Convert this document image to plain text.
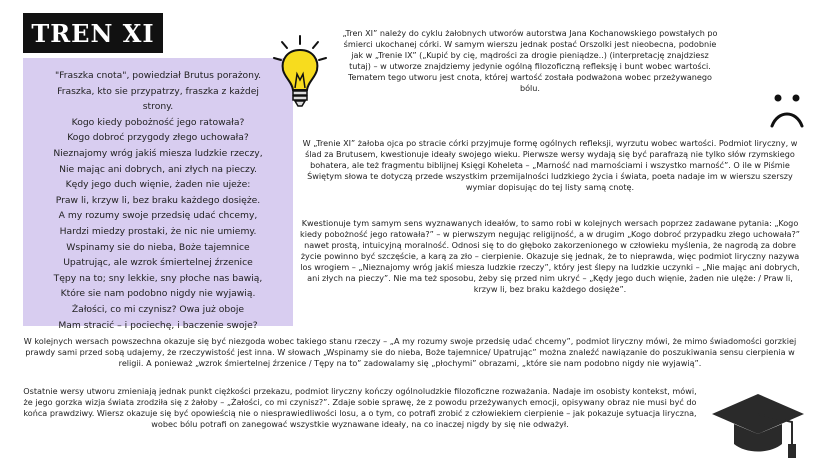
TREN XI
"Fraszka cnota", powiedział Brutus porażony.
Fraszka, kto sie przypatrzy, fraszka z każdej
strony.
Kogo kiedy pobożność jego ratowała?
Kogo dobroć przygody złego uchowała?
Nieznajomy wróg jakiś miesza ludzkie rzeczy,
Nie mając ani dobrych, ani złych na pieczy.
Kędy jego duch więnie, żaden nie ujeże:
Praw li, krzyw li, bez braku każdego dosięże.
A my rozumy swoje przedsię udać chcemy,
Hardzi miedzy prostaki, że nic nie umiemy.
Wspinamy sie do nieba, Boże tajemnice
Upatrując, ale wzrok śmiertelnej źrzenice
Tępy na to; sny lekkie, sny płoche nas bawią,
Które sie nam podobno nigdy nie wyjawią.
Żałości, co mi czynisz? Owa już oboje
Mam stracić – i pociechę, i baczenie swoje?
„Tren XI” należy do cyklu żałobnych utworów autorstwa Jana Kochanowskiego powstałych po śmierci ukochanej córki. W samym wierszu jednak postać Orszolki jest nieobecna, podobnie jak w „Trenie IX” („Kupić by cię, mądrości za drogie pieniądze..) (interpretację znajdziesz tutaj) – w utworze znajdziemy jedynie ogólną filozoficzną refleksję i bunt wobec wartości. Tematem tego utworu jest cnota, której wartość została podważona wobec przeżywanego bólu.
W „Trenie XI” żałoba ojca po stracie córki przyjmuje formę ogólnych refleksji, wyrzutu wobec wartości. Podmiot liryczny, w ślad za Brutusem, kwestionuje ideały swojego wieku. Pierwsze wersy wydają się być parafrazą nie tylko słów rzymskiego bohatera, ale też fragmentu biblijnej Księgi Koheleta – „Marność nad marnościami i wszystko marność”. O ile w Piśmie Świętym słowa te dotyczą przede wszystkim przemijalności ludzkiego życia i świata, poeta nadaje im w wierszu szerszy wymiar dopisując do tej listy samą cnotę.
Kwestionuje tym samym sens wyznawanych ideałów, to samo robi w kolejnych wersach poprzez zadawane pytania: „Kogo kiedy pobożność jego ratowała?” – w pierwszym negując religijność, a w drugim „Kogo dobroć przypadku złego uchowała?” nawet prostą, intuicyjną moralność. Odnosi się to do głęboko zakorzenionego w człowieku myślenia, że nagrodą za dobre życie powinno być szczęście, a karą za zło – cierpienie. Okazuje się jednak, że to nieprawda, więc podmiot liryczny nazywa los wrogiem – „Nieznajomy wróg jakiś miesza ludzkie rzeczy”, który jest ślepy na ludzkie uczynki – „Nie mając ani dobrych, ani złych na pieczy”. Nie ma też sposobu, żeby się przed nim ukryć – „Kędy jego duch więnie, żaden nie ulęże: / Praw li, krzyw li, bez braku każdego dosięże”.
W kolejnych wersach powszechna okazuje się być niezgoda wobec takiego stanu rzeczy – „A my rozumy swoje przedsię udać chcemy”, podmiot liryczny mówi, że mimo świadomości gorzkiej prawdy sami przed sobą udajemy, że rzeczywistość jest inna. W słowach „Wspinamy sie do nieba, Boże tajemnice/ Upatrując” można znaleźć nawiązanie do poszukiwania sensu cierpienia w religii. A ponieważ „wzrok śmiertelnej źrzenice / Tępy na to” zadowalamy się „płochymi” obrazami, „które sie nam podobno nigdy nie wyjawią”.
Ostatnie wersy utworu zmieniają jednak punkt ciężkości przekazu, podmiot liryczny kończy ogólnoludzkie filozoficzne rozważania. Nadaje im osobisty kontekst, mówi, że jego gorzka wizja świata zrodziła się z żałoby – „Żałości, co mi czynisz?”. Zdaje sobie sprawę, że z powodu przeżywanych emocji, opisywany obraz nie musi być do końca prawdziwy. Wiersz okazuje się być opowieścią nie o niesprawiedliwości losu, a o tym, co potrafi zrobić z człowiekiem cierpienie – jak pokazuje sytuacja liryczna, wobec bólu potrafi on zanegować wszystkie wyznawane ideały, na co inaczej nigdy by się nie odważył.
